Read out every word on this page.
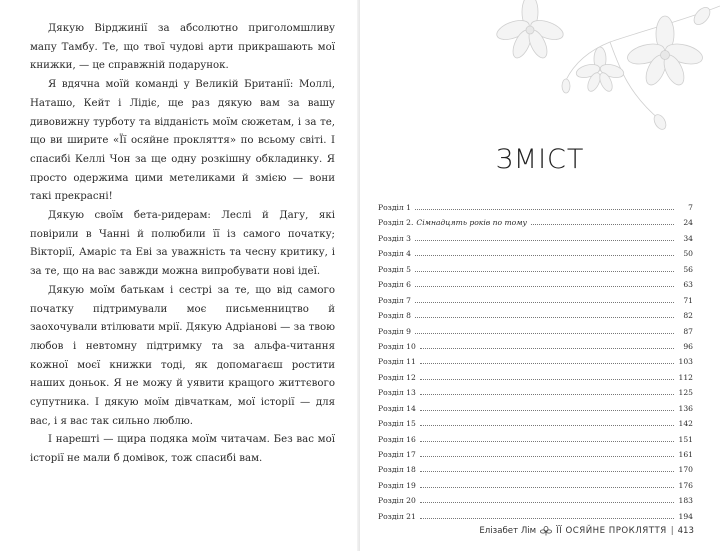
Дякую Вірджинії за абсолютно приголомшливу мапу Тамбу. Те, що твої чудові арти прикрашають мої книжки, — це справжній подарунок.

Я вдячна моїй команді у Великій Британії: Моллі, Наташо, Кейт і Лідіє, ще раз дякую вам за вашу дивовижну турботу та відданість моїм сюжетам, і за те, що ви ширите «Її осяйне прокляття» по всьому світі. І спасибі Келлі Чон за ще одну розкішну обкладинку. Я просто одержима цими метеликами й змією — вони такі прекрасні!

Дякую своїм бета-ридерам: Леслі й Дагу, які повірили в Чанні й полюбили її із самого початку; Вікторії, Амаріс та Еві за уважність та чесну критику, і за те, що на вас завжди можна випробувати нові ідеї.

Дякую моїм батькам і сестрі за те, що від самого початку підтримували моє письменництво й заохочували втілювати мрії. Дякую Адріанові — за твою любов і невтомну підтримку та за альфа-читання кожної моєї книжки тоді, як допомагаєш ростити наших доньок. Я не можу й уявити кращого життєвого супутника. І дякую моїм дівчаткам, мої історії — для вас, і я вас так сильно люблю.

І нарешті — щира подяка моїм читачам. Без вас мої історії не мали б домівок, тож спасибі вам.

ЗМІСТ
Розділ 1	7
Розділ 2. Сімнадцять років по тому	24
Розділ 3	34
Розділ 4	50
Розділ 5	56
Розділ 6	63
Розділ 7	71
Розділ 8	82
Розділ 9	87
Розділ 10	96
Розділ 11	103
Розділ 12	112
Розділ 13	125
Розділ 14	136
Розділ 15	142
Розділ 16	151
Розділ 17	161
Розділ 18	170
Розділ 19	176
Розділ 20	183
Розділ 21	194
Елізабет Лім ЇЇ ОСЯЙНЕ ПРОКЛЯТТЯ | 413
